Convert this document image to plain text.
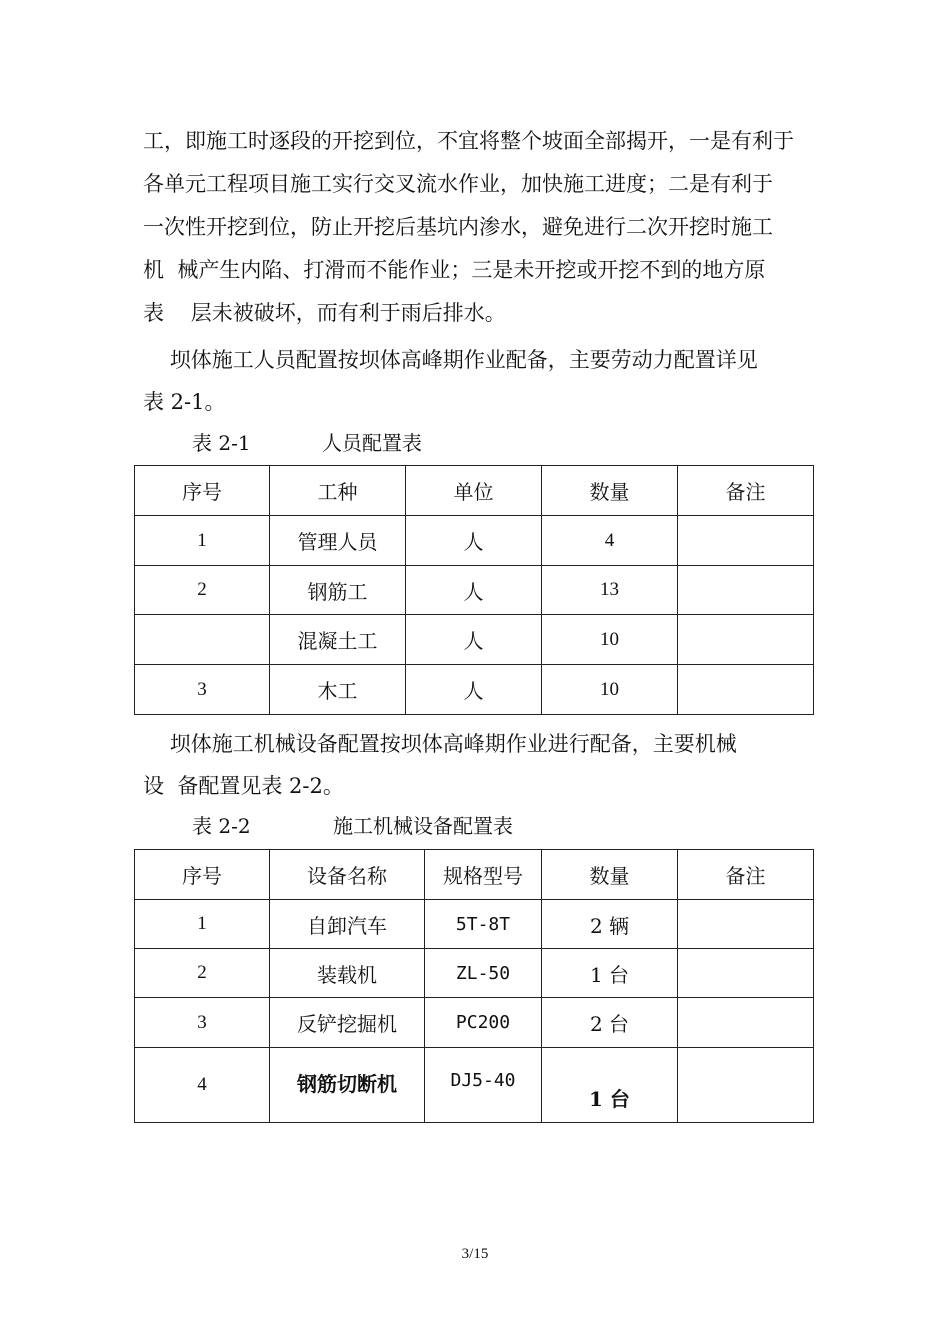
工，即施工时逐段的开挖到位，不宜将整个坡面全部揭开，一是有利于
各单元工程项目施工实行交叉流水作业，加快施工进度；二是有利于
一次性开挖到位，防止开挖后基坑内渗水，避免进行二次开挖时施工
机  械产生内陷、打滑而不能作业；三是未开挖或开挖不到的地方原
表    层未被破坏，而有利于雨后排水。
坝体施工人员配置按坝体高峰期作业配备，主要劳动力配置详见
表 2-1。
表 2-1	人员配置表
序号	工种	单位	数量	备注
1	管理人员	人	4	
2	钢筋工	人	13	
	混凝土工	人	10	
3	木工	人	10	
坝体施工机械设备配置按坝体高峰期作业进行配备，主要机械
设  备配置见表 2-2。
表 2-2	施工机械设备配置表
序号	设备名称	规格型号	数量	备注
1	自卸汽车	5T-8T	2 辆	
2	装载机	ZL-50	1 台	
3	反铲挖掘机	PC200	2 台	
4	钢筋切断机	DJ5-40	1 台	
3/15
